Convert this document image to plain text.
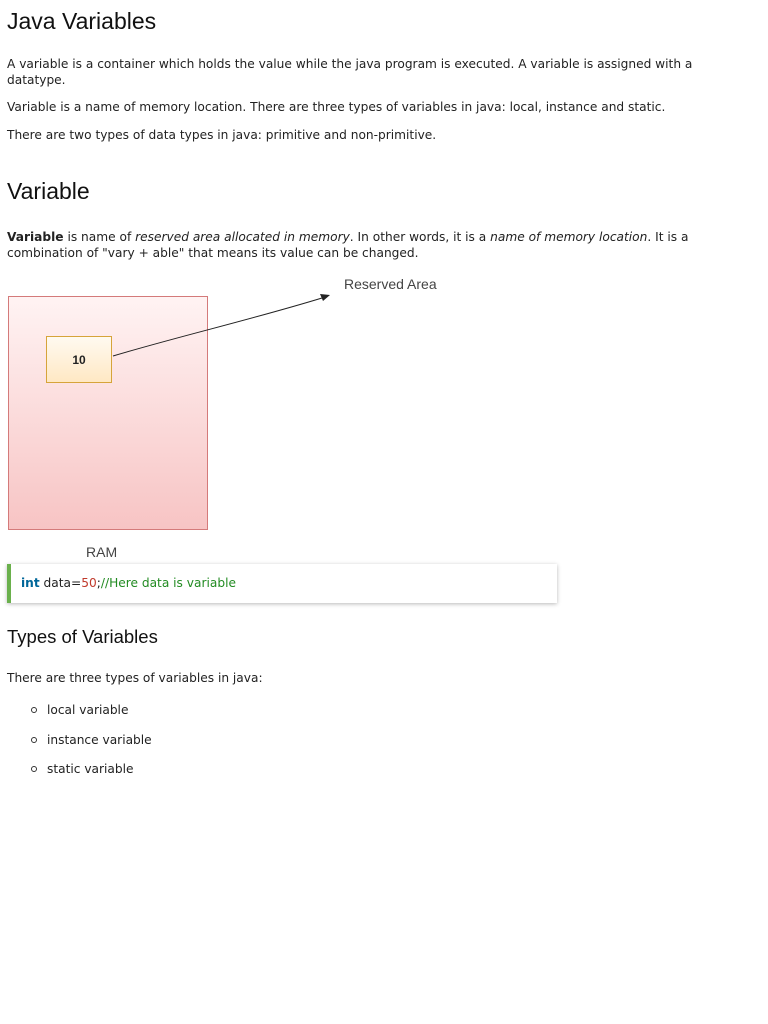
Java Variables

A variable is a container which holds the value while the java program is executed. A variable is assigned with a datatype.

Variable is a name of memory location. There are three types of variables in java: local, instance and static.

There are two types of data types in java: primitive and non-primitive.

Variable

Variable is name of reserved area allocated in memory. In other words, it is a name of memory location. It is a combination of "vary + able" that means its value can be changed.

10
Reserved Area
RAM
int data=50;//Here data is variable
Types of Variables

There are three types of variables in java:

local variable
instance variable
static variable
